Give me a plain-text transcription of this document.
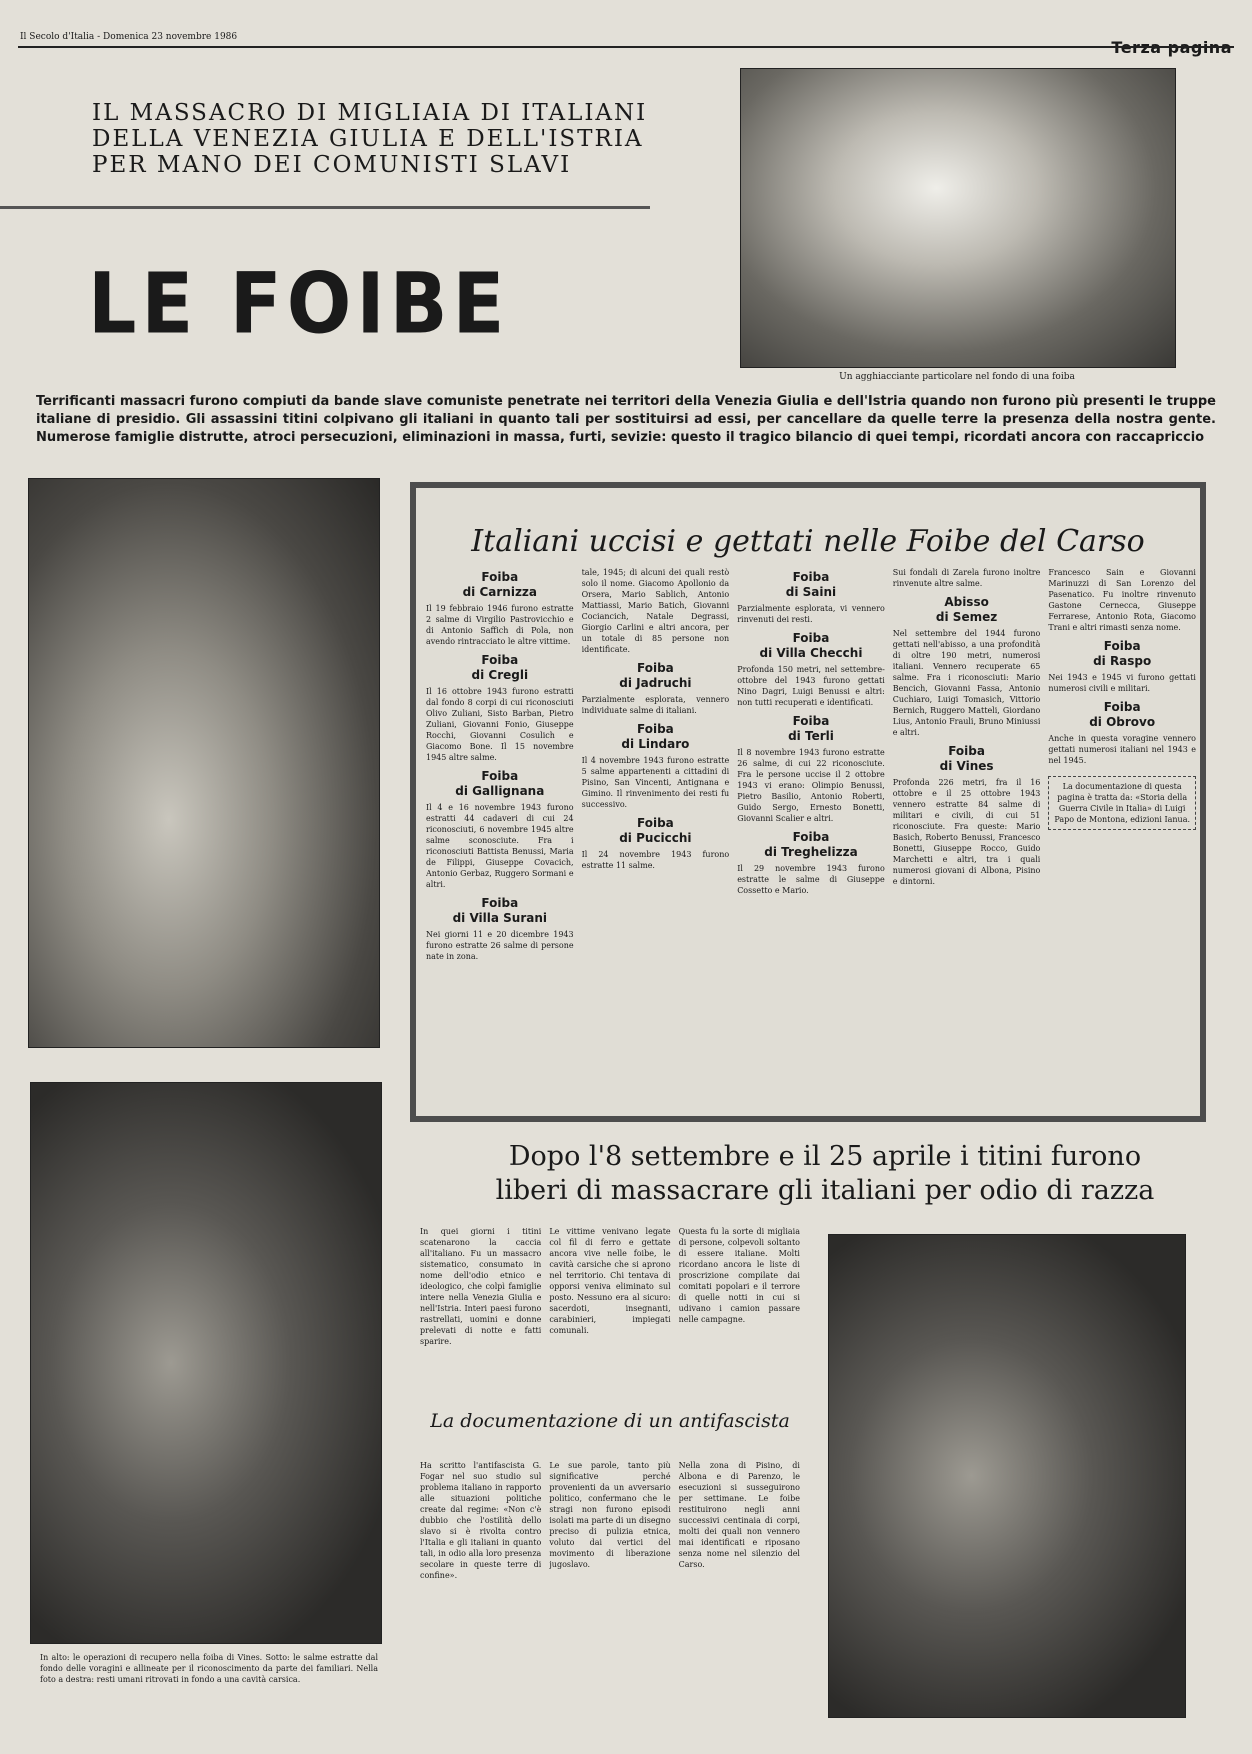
Il Secolo d'Italia - Domenica 23 novembre 1986
IL MASSACRO DI MIGLIAIA DI ITALIANI
DELLA VENEZIA GIULIA E DELL'ISTRIA
PER MANO DEI COMUNISTI SLAVI
LE FOIBE
Un agghiacciante particolare nel fondo di una foiba
Terrificanti massacri furono compiuti da bande slave comuniste penetrate nei territori della Venezia Giulia e dell'Istria quando non furono più presenti le truppe italiane di presidio. Gli assassini titini colpivano gli italiani in quanto tali per sostituirsi ad essi, per cancellare da quelle terre la presenza della nostra gente. Numerose famiglie distrutte, atroci persecuzioni, eliminazioni in massa, furti, sevizie: questo il tragico bilancio di quei tempi, ricordati ancora con raccapriccio
In alto: le operazioni di recupero nella foiba di Vines. Sotto: le salme estratte dal fondo delle voragini e allineate per il riconoscimento da parte dei familiari. Nella foto a destra: resti umani ritrovati in fondo a una cavità carsica.
Italiani uccisi e gettati nelle Foibe del Carso
Foiba
di Carnizza
Il 19 febbraio 1946 furono estratte 2 salme di Virgilio Pastrovicchio e di Antonio Saffich di Pola, non avendo rintracciato le altre vittime.
Foiba
di Cregli
Il 16 ottobre 1943 furono estratti dal fondo 8 corpi di cui riconosciuti Olivo Zuliani, Sisto Barban, Pietro Zuliani, Giovanni Fonio, Giuseppe Rocchi, Giovanni Cosulich e Giacomo Bone. Il 15 novembre 1945 altre salme.
Foiba
di Gallignana
Il 4 e 16 novembre 1943 furono estratti 44 cadaveri di cui 24 riconosciuti, 6 novembre 1945 altre salme sconosciute. Fra i riconosciuti Battista Benussi, Maria de Filippi, Giuseppe Covacich, Antonio Gerbaz, Ruggero Sormani e altri.
Foiba
di Villa Surani
Nei giorni 11 e 20 dicembre 1943 furono estratte 26 salme di persone nate in zona.
tale, 1945; di alcuni dei quali restò solo il nome. Giacomo Apollonio da Orsera, Mario Sablich, Antonio Mattiassi, Mario Batich, Giovanni Cociancich, Natale Degrassi, Giorgio Carlini e altri ancora, per un totale di 85 persone non identificate.
Foiba
di Jadruchi
Parzialmente esplorata, vennero individuate salme di italiani.
Foiba
di Lindaro
Il 4 novembre 1943 furono estratte 5 salme appartenenti a cittadini di Pisino, San Vincenti, Antignana e Gimino. Il rinvenimento dei resti fu successivo.
Foiba
di Pucicchi
Il 24 novembre 1943 furono estratte 11 salme.
Foiba
di Saini
Parzialmente esplorata, vi vennero rinvenuti dei resti.
Foiba
di Villa Checchi
Profonda 150 metri, nel settembre-ottobre del 1943 furono gettati Nino Dagri, Luigi Benussi e altri: non tutti recuperati e identificati.
Foiba
di Terli
Il 8 novembre 1943 furono estratte 26 salme, di cui 22 riconosciute. Fra le persone uccise il 2 ottobre 1943 vi erano: Olimpio Benussi, Pietro Basilio, Antonio Roberti, Guido Sergo, Ernesto Bonetti, Giovanni Scalier e altri.
Foiba
di Treghelizza
Il 29 novembre 1943 furono estratte le salme di Giuseppe Cossetto e Mario.
Sui fondali di Zarela furono inoltre rinvenute altre salme.
Abisso
di Semez
Nel settembre del 1944 furono gettati nell'abisso, a una profondità di oltre 190 metri, numerosi italiani. Vennero recuperate 65 salme. Fra i riconosciuti: Mario Bencich, Giovanni Fassa, Antonio Cuchiaro, Luigi Tomasich, Vittorio Bernich, Ruggero Matteli, Giordano Lius, Antonio Frauli, Bruno Miniussi e altri.
Foiba
di Vines
Profonda 226 metri, fra il 16 ottobre e il 25 ottobre 1943 vennero estratte 84 salme di militari e civili, di cui 51 riconosciute. Fra queste: Mario Basich, Roberto Benussi, Francesco Bonetti, Giuseppe Rocco, Guido Marchetti e altri, tra i quali numerosi giovani di Albona, Pisino e dintorni.
Francesco Sain e Giovanni Marinuzzi di San Lorenzo del Pasenatico. Fu inoltre rinvenuto Gastone Cernecca, Giuseppe Ferrarese, Antonio Rota, Giacomo Trani e altri rimasti senza nome.
Foiba
di Raspo
Nei 1943 e 1945 vi furono gettati numerosi civili e militari.
Foiba
di Obrovo
Anche in questa voragine vennero gettati numerosi italiani nel 1943 e nel 1945.
La documentazione di questa pagina è tratta da: «Storia della Guerra Civile in Italia» di Luigi Papo de Montona, edizioni Ianua.
Dopo l'8 settembre e il 25 aprile i titini furono
liberi di massacrare gli italiani per odio di razza
In quei giorni i titini scatenarono la caccia all'italiano. Fu un massacro sistematico, consumato in nome dell'odio etnico e ideologico, che colpì famiglie intere nella Venezia Giulia e nell'Istria. Interi paesi furono rastrellati, uomini e donne prelevati di notte e fatti sparire.
Le vittime venivano legate col fil di ferro e gettate ancora vive nelle foibe, le cavità carsiche che si aprono nel territorio. Chi tentava di opporsi veniva eliminato sul posto. Nessuno era al sicuro: sacerdoti, insegnanti, carabinieri, impiegati comunali.
Questa fu la sorte di migliaia di persone, colpevoli soltanto di essere italiane. Molti ricordano ancora le liste di proscrizione compilate dai comitati popolari e il terrore di quelle notti in cui si udivano i camion passare nelle campagne.
La documentazione di un antifascista
Ha scritto l'antifascista G. Fogar nel suo studio sul problema italiano in rapporto alle situazioni politiche create dal regime: «Non c'è dubbio che l'ostilità dello slavo si è rivolta contro l'Italia e gli italiani in quanto tali, in odio alla loro presenza secolare in queste terre di confine».
Le sue parole, tanto più significative perché provenienti da un avversario politico, confermano che le stragi non furono episodi isolati ma parte di un disegno preciso di pulizia etnica, voluto dai vertici del movimento di liberazione jugoslavo.
Nella zona di Pisino, di Albona e di Parenzo, le esecuzioni si susseguirono per settimane. Le foibe restituirono negli anni successivi centinaia di corpi, molti dei quali non vennero mai identificati e riposano senza nome nel silenzio del Carso.
